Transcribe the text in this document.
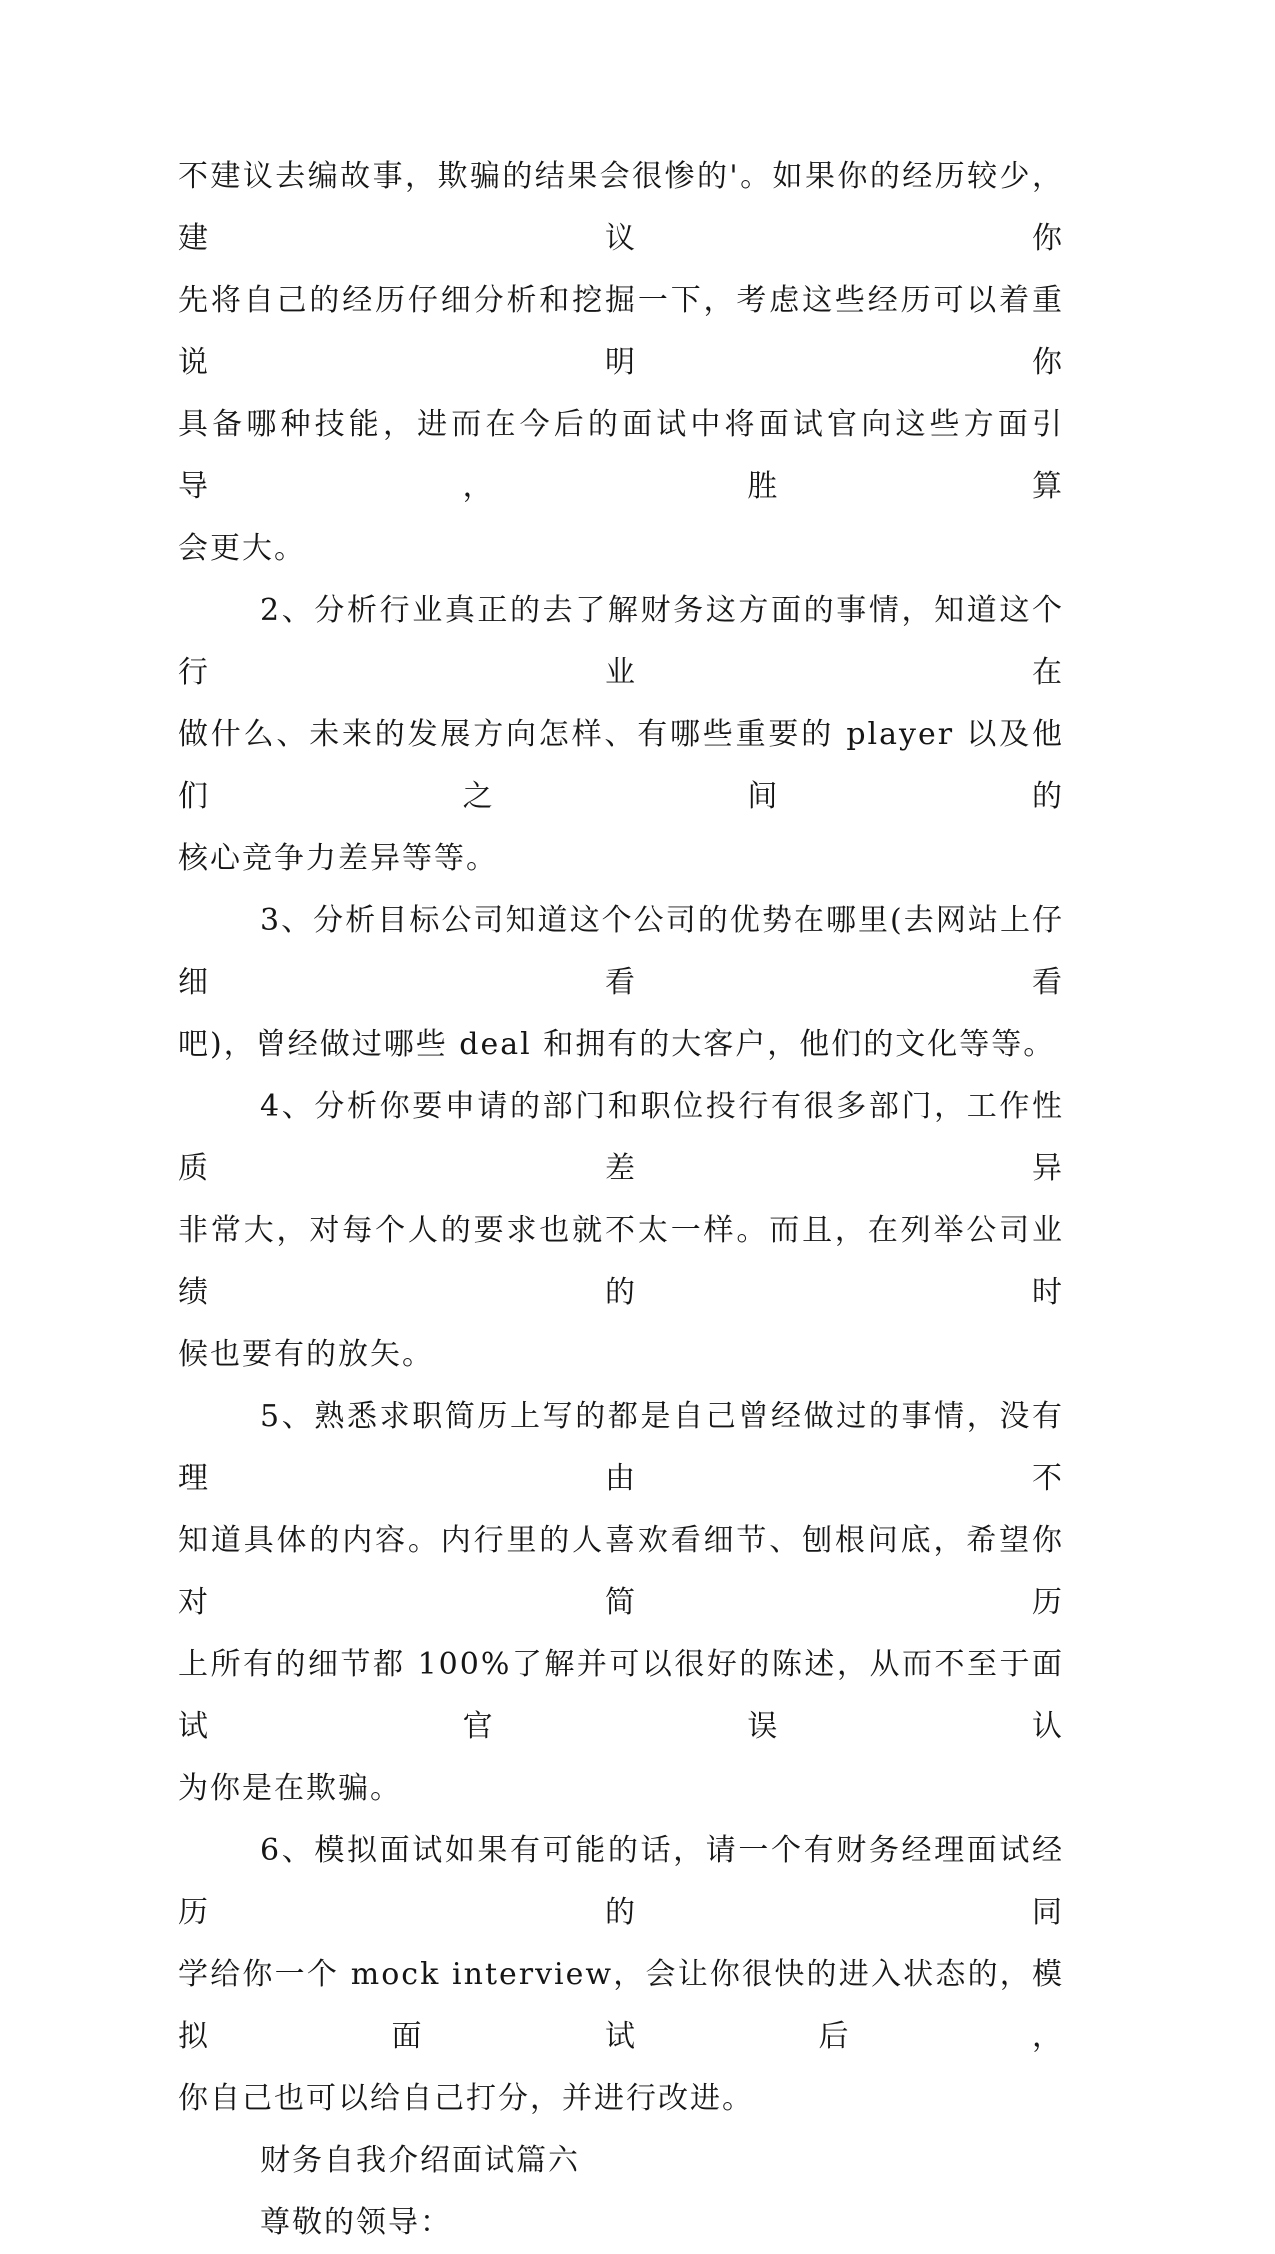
不建议去编故事，欺骗的结果会很惨的'。如果你的经历较少，建议你
先将自己的经历仔细分析和挖掘一下，考虑这些经历可以着重说明你
具备哪种技能，进而在今后的面试中将面试官向这些方面引导，胜算
会更大。
2、分析行业真正的去了解财务这方面的事情，知道这个行业在
做什么、未来的发展方向怎样、有哪些重要的 player 以及他们之间的
核心竞争力差异等等。
3、分析目标公司知道这个公司的优势在哪里(去网站上仔细看看
吧)，曾经做过哪些 deal 和拥有的大客户，他们的文化等等。
4、分析你要申请的部门和职位投行有很多部门，工作性质差异
非常大，对每个人的要求也就不太一样。而且，在列举公司业绩的时
候也要有的放矢。
5、熟悉求职简历上写的都是自己曾经做过的事情，没有理由不
知道具体的内容。内行里的人喜欢看细节、刨根问底，希望你对简历
上所有的细节都 100%了解并可以很好的陈述，从而不至于面试官误认
为你是在欺骗。
6、模拟面试如果有可能的话，请一个有财务经理面试经历的同
学给你一个 mock interview，会让你很快的进入状态的，模拟面试后，
你自己也可以给自己打分，并进行改进。
财务自我介绍面试篇六
尊敬的领导：
